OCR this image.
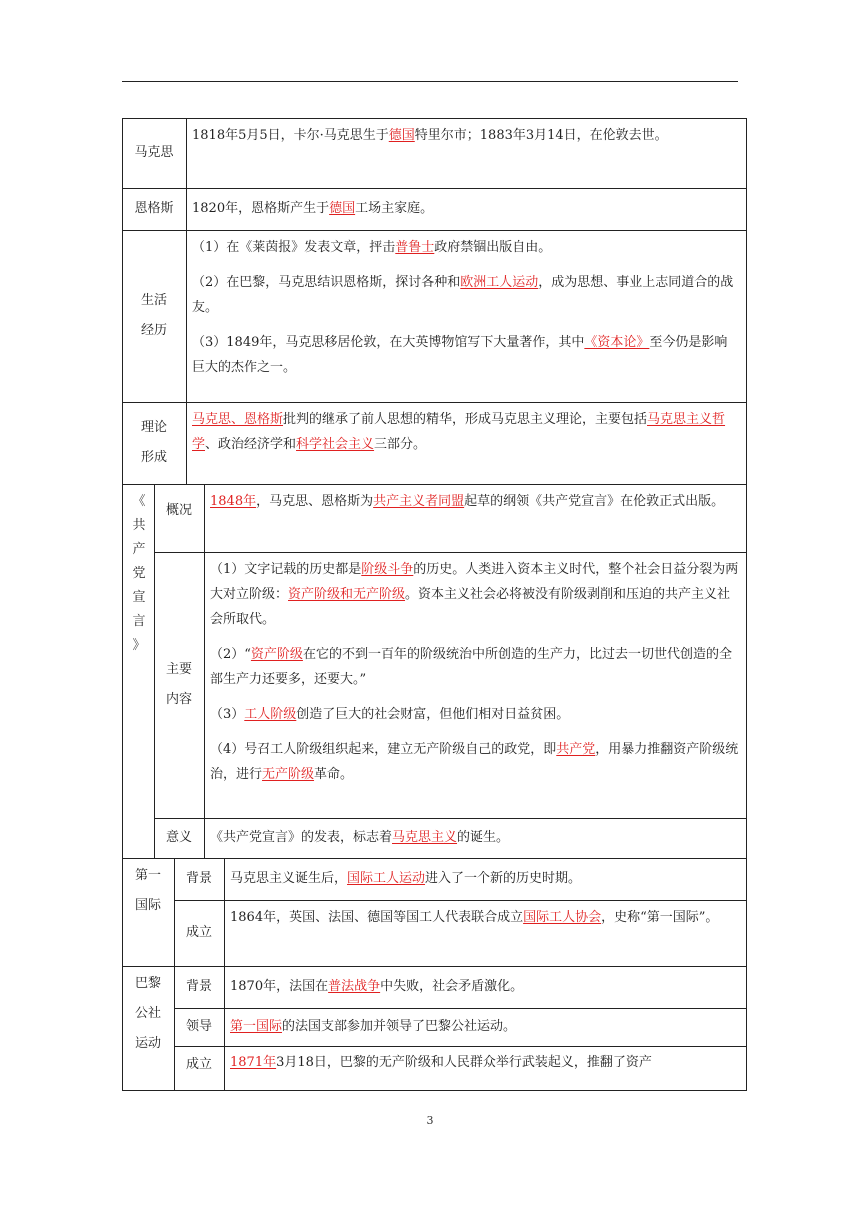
马克思

1818年5月5日，卡尔·马克思生于德国特里尔市；1883年3月14日，在伦敦去世。

恩格斯 1820年，恩格斯产生于德国工场主家庭。

生活
经历

（1）在《莱茵报》发表文章，抨击普鲁士政府禁锢出版自由。

（2）在巴黎，马克思结识恩格斯，探讨各种和欧洲工人运动，成为思想、事业上志同道合的战友。

（3）1849年，马克思移居伦敦，在大英博物馆写下大量著作，其中《资本论》至今仍是影响巨大的杰作之一。

理论
形成

马克思、恩格斯批判的继承了前人思想的精华，形成马克思主义理论，主要包括马克思主义哲学、政治经济学和科学社会主义三部分。

《
共
产
党
宣
言
》
概况

1848年，马克思、恩格斯为共产主义者同盟起草的纲领《共产党宣言》在伦敦正式出版。

主要
内容

（1）文字记载的历史都是阶级斗争的历史。人类进入资本主义时代，整个社会日益分裂为两大对立阶级：资产阶级和无产阶级。资本主义社会必将被没有阶级剥削和压迫的共产主义社会所取代。

（2）“资产阶级在它的不到一百年的阶级统治中所创造的生产力，比过去一切世代创造的全部生产力还要多，还要大。”

（3）工人阶级创造了巨大的社会财富，但他们相对日益贫困。

（4）号召工人阶级组织起来，建立无产阶级自己的政党，即共产党，用暴力推翻资产阶级统治，进行无产阶级革命。

意义 《共产党宣言》的发表，标志着马克思主义的诞生。

第一
国际
背景 马克思主义诞生后，国际工人运动进入了一个新的历史时期。

成立

1864年，英国、法国、德国等国工人代表联合成立国际工人协会，史称“第一国际”。

巴黎
公社
运动
背景 1870年，法国在普法战争中失败，社会矛盾激化。

领导 第一国际的法国支部参加并领导了巴黎公社运动。

成立 1871年3月18日，巴黎的无产阶级和人民群众举行武装起义，推翻了资产

3
